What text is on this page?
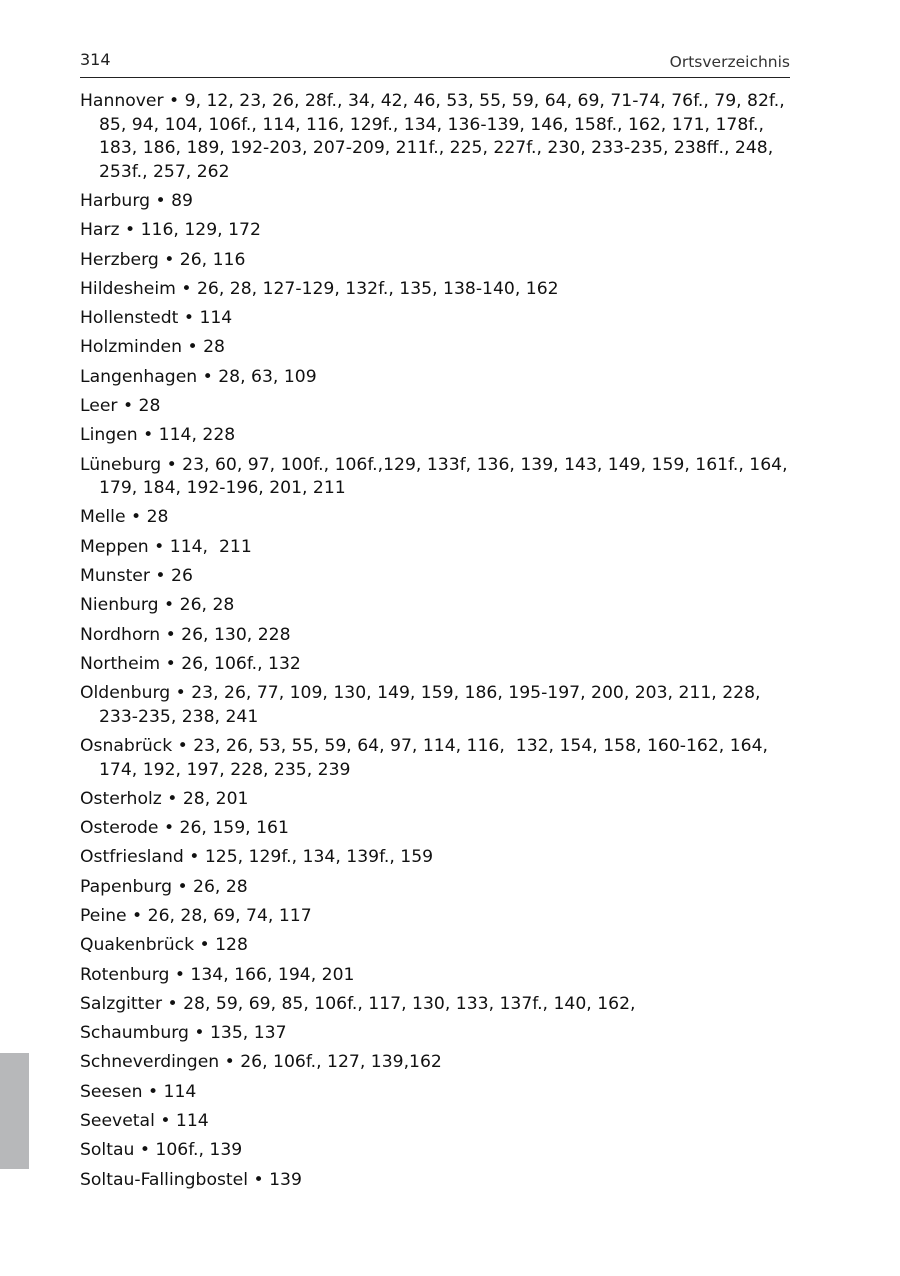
314	Ortsverzeichnis
Hannover • 9, 12, 23, 26, 28f., 34, 42, 46, 53, 55, 59, 64, 69, 71-74, 76f., 79, 82f., 85, 94, 104, 106f., 114, 116, 129f., 134, 136-139, 146, 158f., 162, 171, 178f., 183, 186, 189, 192-203, 207-209, 211f., 225, 227f., 230, 233-235, 238ff., 248, 253f., 257, 262
Harburg • 89
Harz • 116, 129, 172
Herzberg • 26, 116
Hildesheim • 26, 28, 127-129, 132f., 135, 138-140, 162
Hollenstedt • 114
Holzminden • 28
Langenhagen • 28, 63, 109
Leer • 28
Lingen • 114, 228
Lüneburg • 23, 60, 97, 100f., 106f.,129, 133f, 136, 139, 143, 149, 159, 161f., 164, 179, 184, 192-196, 201, 211
Melle • 28
Meppen • 114,  211
Munster • 26
Nienburg • 26, 28
Nordhorn • 26, 130, 228
Northeim • 26, 106f., 132
Oldenburg • 23, 26, 77, 109, 130, 149, 159, 186, 195-197, 200, 203, 211, 228, 233-235, 238, 241
Osnabrück • 23, 26, 53, 55, 59, 64, 97, 114, 116,  132, 154, 158, 160-162, 164, 174, 192, 197, 228, 235, 239
Osterholz • 28, 201
Osterode • 26, 159, 161
Ostfriesland • 125, 129f., 134, 139f., 159
Papenburg • 26, 28
Peine • 26, 28, 69, 74, 117
Quakenbrück • 128
Rotenburg • 134, 166, 194, 201
Salzgitter • 28, 59, 69, 85, 106f., 117, 130, 133, 137f., 140, 162,
Schaumburg • 135, 137
Schneverdingen • 26, 106f., 127, 139,162
Seesen • 114
Seevetal • 114
Soltau • 106f., 139
Soltau-Fallingbostel • 139
